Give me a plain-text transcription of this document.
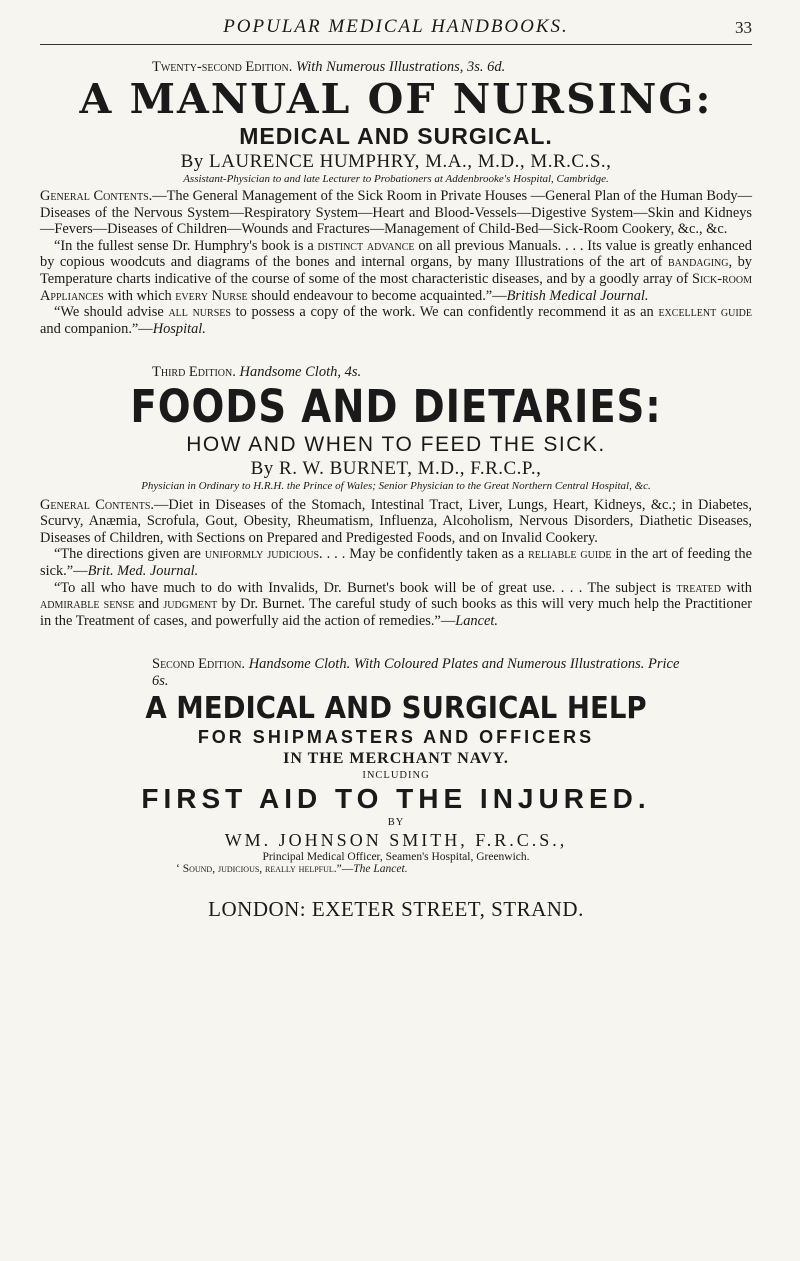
POPULAR MEDICAL HANDBOOKS.	33

Twenty-second Edition. With Numerous Illustrations, 3s. 6d.

A MANUAL OF NURSING:
MEDICAL AND SURGICAL.
By LAURENCE HUMPHRY, M.A., M.D., M.R.C.S.,
Assistant-Physician to and late Lecturer to Probationers at Addenbrooke's Hospital, Cambridge.

General Contents.—The General Management of the Sick Room in Private Houses —General Plan of the Human Body—Diseases of the Nervous System—Respiratory System—Heart and Blood-Vessels—Digestive System—Skin and Kidneys—Fevers—Diseases of Children—Wounds and Fractures—Management of Child-Bed—Sick-Room Cookery, &c., &c.

“In the fullest sense Dr. Humphry's book is a distinct advance on all previous Manuals. . . . Its value is greatly enhanced by copious woodcuts and diagrams of the bones and internal organs, by many Illustrations of the art of bandaging, by Temperature charts indicative of the course of some of the most characteristic diseases, and by a goodly array of Sick-room Appliances with which every Nurse should endeavour to become acquainted.”—British Medical Journal.

“We should advise all nurses to possess a copy of the work. We can confidently recommend it as an excellent guide and companion.”—Hospital.

Third Edition. Handsome Cloth, 4s.

FOODS AND DIETARIES:
HOW AND WHEN TO FEED THE SICK.
By R. W. BURNET, M.D., F.R.C.P.,
Physician in Ordinary to H.R.H. the Prince of Wales; Senior Physician to the Great Northern Central Hospital, &c.

General Contents.—Diet in Diseases of the Stomach, Intestinal Tract, Liver, Lungs, Heart, Kidneys, &c.; in Diabetes, Scurvy, Anæmia, Scrofula, Gout, Obesity, Rheumatism, Influenza, Alcoholism, Nervous Disorders, Diathetic Diseases, Diseases of Children, with Sections on Prepared and Predigested Foods, and on Invalid Cookery.

“The directions given are uniformly judicious. . . . May be confidently taken as a reliable guide in the art of feeding the sick.”—Brit. Med. Journal.

“To all who have much to do with Invalids, Dr. Burnet's book will be of great use. . . . The subject is treated with admirable sense and judgment by Dr. Burnet. The careful study of such books as this will very much help the Practitioner in the Treatment of cases, and powerfully aid the action of remedies.”—Lancet.

Second Edition. Handsome Cloth. With Coloured Plates and Numerous Illustrations. Price 6s.

A MEDICAL AND SURGICAL HELP
FOR SHIPMASTERS AND OFFICERS
IN THE MERCHANT NAVY.
INCLUDING
FIRST AID TO THE INJURED.
BY
WM. JOHNSON SMITH, F.R.C.S.,
Principal Medical Officer, Seamen's Hospital, Greenwich.

‘ Sound, judicious, really helpful.”—The Lancet.

LONDON: EXETER STREET, STRAND.
